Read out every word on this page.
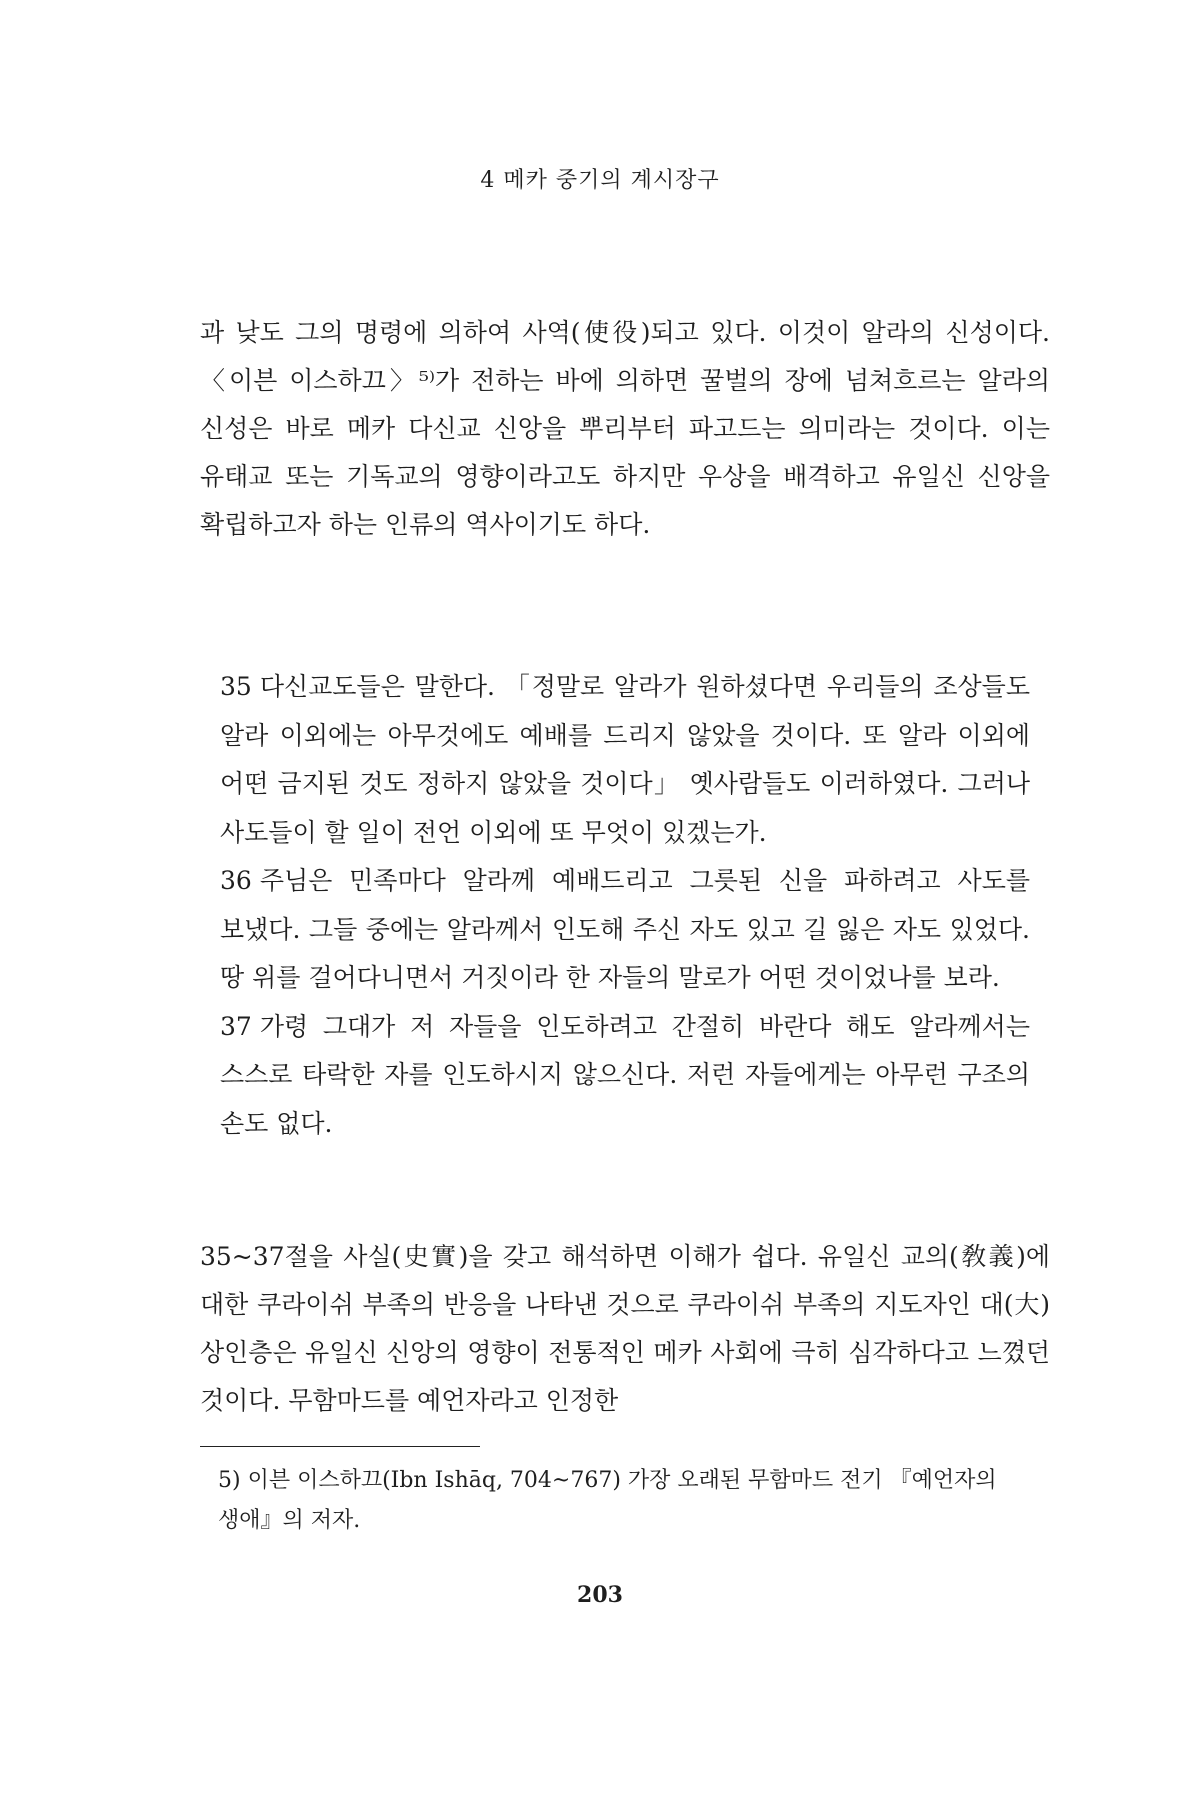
4 메카 중기의 계시장구

과 낮도 그의 명령에 의하여 사역(使役)되고 있다. 이것이 알라의 신성이다. 〈이븐 이스하끄〉⁵⁾가 전하는 바에 의하면 꿀벌의 장에 넘쳐흐르는 알라의 신성은 바로 메카 다신교 신앙을 뿌리부터 파고드는 의미라는 것이다. 이는 유태교 또는 기독교의 영향이라고도 하지만 우상을 배격하고 유일신 신앙을 확립하고자 하는 인류의 역사이기도 하다.

35 다신교도들은 말한다. 「정말로 알라가 원하셨다면 우리들의 조상들도 알라 이외에는 아무것에도 예배를 드리지 않았을 것이다. 또 알라 이외에 어떤 금지된 것도 정하지 않았을 것이다」 옛사람들도 이러하였다. 그러나 사도들이 할 일이 전언 이외에 또 무엇이 있겠는가.

36 주님은 민족마다 알라께 예배드리고 그릇된 신을 파하려고 사도를 보냈다. 그들 중에는 알라께서 인도해 주신 자도 있고 길 잃은 자도 있었다. 땅 위를 걸어다니면서 거짓이라 한 자들의 말로가 어떤 것이었나를 보라.

37 가령 그대가 저 자들을 인도하려고 간절히 바란다 해도 알라께서는 스스로 타락한 자를 인도하시지 않으신다. 저런 자들에게는 아무런 구조의 손도 없다.

35~37절을 사실(史實)을 갖고 해석하면 이해가 쉽다. 유일신 교의(敎義)에 대한 쿠라이쉬 부족의 반응을 나타낸 것으로 쿠라이쉬 부족의 지도자인 대(大)상인층은 유일신 신앙의 영향이 전통적인 메카 사회에 극히 심각하다고 느꼈던 것이다. 무함마드를 예언자라고 인정한

5) 이븐 이스하끄(Ibn Ishāq, 704~767) 가장 오래된 무함마드 전기 『예언자의 생애』의 저자.

203
